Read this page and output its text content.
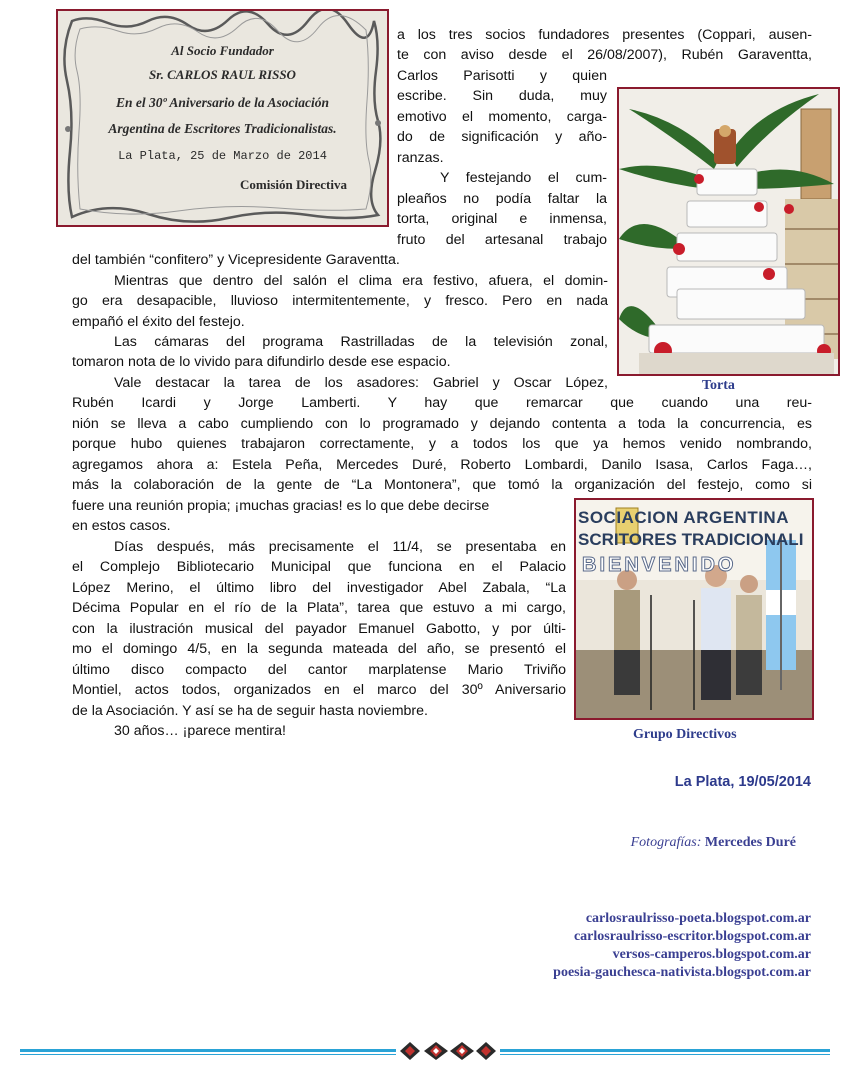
Al Socio Fundador
Sr. CARLOS RAUL RISSO
En el 30º Aniversario de la Asociación
Argentina de Escritores Tradicionalistas.
La Plata, 25 de Marzo de 2014
Comisión Directiva
Torta
SOCIACION ARGENTINA
SCRITORES TRADICIONALI
BIENVENIDO
Grupo Directivos
a los tres socios fundadores presentes (Coppari, ausen-
te con aviso desde el 26/08/2007), Rubén Garaventta,
Carlos Parisotti y quien
escribe. Sin duda, muy
emotivo el momento, carga-
do de significación y año-
ranzas.
Y festejando el cum-
pleaños no podía faltar la
torta, original e inmensa,
fruto del artesanal trabajo
del también “confitero” y Vicepresidente Garaventta.
Mientras que dentro del salón el clima era festivo, afuera, el domin-
go era desapacible, lluvioso intermitentemente, y fresco. Pero en nada
empañó el éxito del festejo.
Las cámaras del programa Rastrilladas de la televisión zonal,
tomaron nota de lo vivido para difundirlo desde ese espacio.
Vale destacar la tarea de los asadores: Gabriel y Oscar López,
Rubén Icardi y Jorge Lamberti. Y hay que remarcar que cuando una reu-
nión se lleva a cabo cumpliendo con lo programado y dejando contenta a toda la concurrencia, es
porque hubo quienes trabajaron correctamente, y a todos los que ya hemos venido nombrando,
agregamos ahora a: Estela Peña, Mercedes Duré, Roberto Lombardi, Danilo Isasa, Carlos Faga…,
más la colaboración de la gente de “La Montonera”, que tomó la organización del festejo, como si
fuere una reunión propia; ¡muchas gracias! es lo que debe decirse
en estos casos.
Días después, más precisamente el 11/4, se presentaba en
el Complejo Bibliotecario Municipal que funciona en el Palacio
López Merino, el último libro del investigador Abel Zabala, “La
Décima Popular en el río de la Plata”, tarea que estuvo a mi cargo,
con la ilustración musical del payador Emanuel Gabotto, y por últi-
mo el domingo 4/5, en la segunda mateada del año, se presentó el
último disco compacto del cantor marplatense Mario Triviño
Montiel, actos todos, organizados en el marco del 30º Aniversario
de la Asociación. Y así se ha de seguir hasta noviembre.
30 años… ¡parece mentira!
La Plata, 19/05/2014
Fotografías: Mercedes Duré
carlosraulrisso-poeta.blogspot.com.ar
carlosraulrisso-escritor.blogspot.com.ar
versos-camperos.blogspot.com.ar
poesia-gauchesca-nativista.blogspot.com.ar
